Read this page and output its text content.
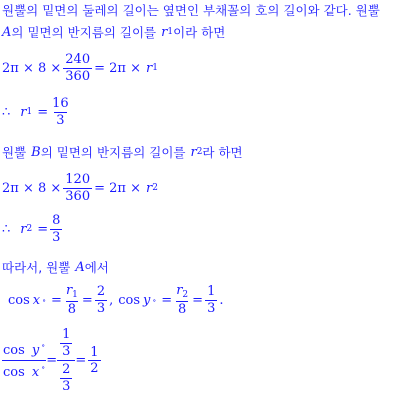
원뿔의 밑면의 둘레의 길이는 옆면인 부채꼴의 호의 길이와 같다. 원뿔
A 의 밑면의 반지름의 길이를 r 1 이라 하면
$2\pi \times 8 \times \frac{240}{360} = 2\pi \times r$ 1
∴ r $1 = \frac{16}{3}$
원뿔 B 의 밑면의 반지름의 길이를 r 2 라 하면
$2\pi \times 8 \times \frac{120}{360} = 2\pi \times r$ 2
∴ r $2 = \frac{8}{3}$
따라서, 원뿔 A 에서
cos x ∘ = $\frac{r_1}{8} = \frac{2}{3}$ , cos y ∘ = $\frac{r_2}{8} = \frac{1}{3}$ .
$\frac{\cos y ^\circ}{\cos x ^\circ} = \frac{\frac{1}{3}}{\frac{2}{3}} = \frac{1}{2}$
